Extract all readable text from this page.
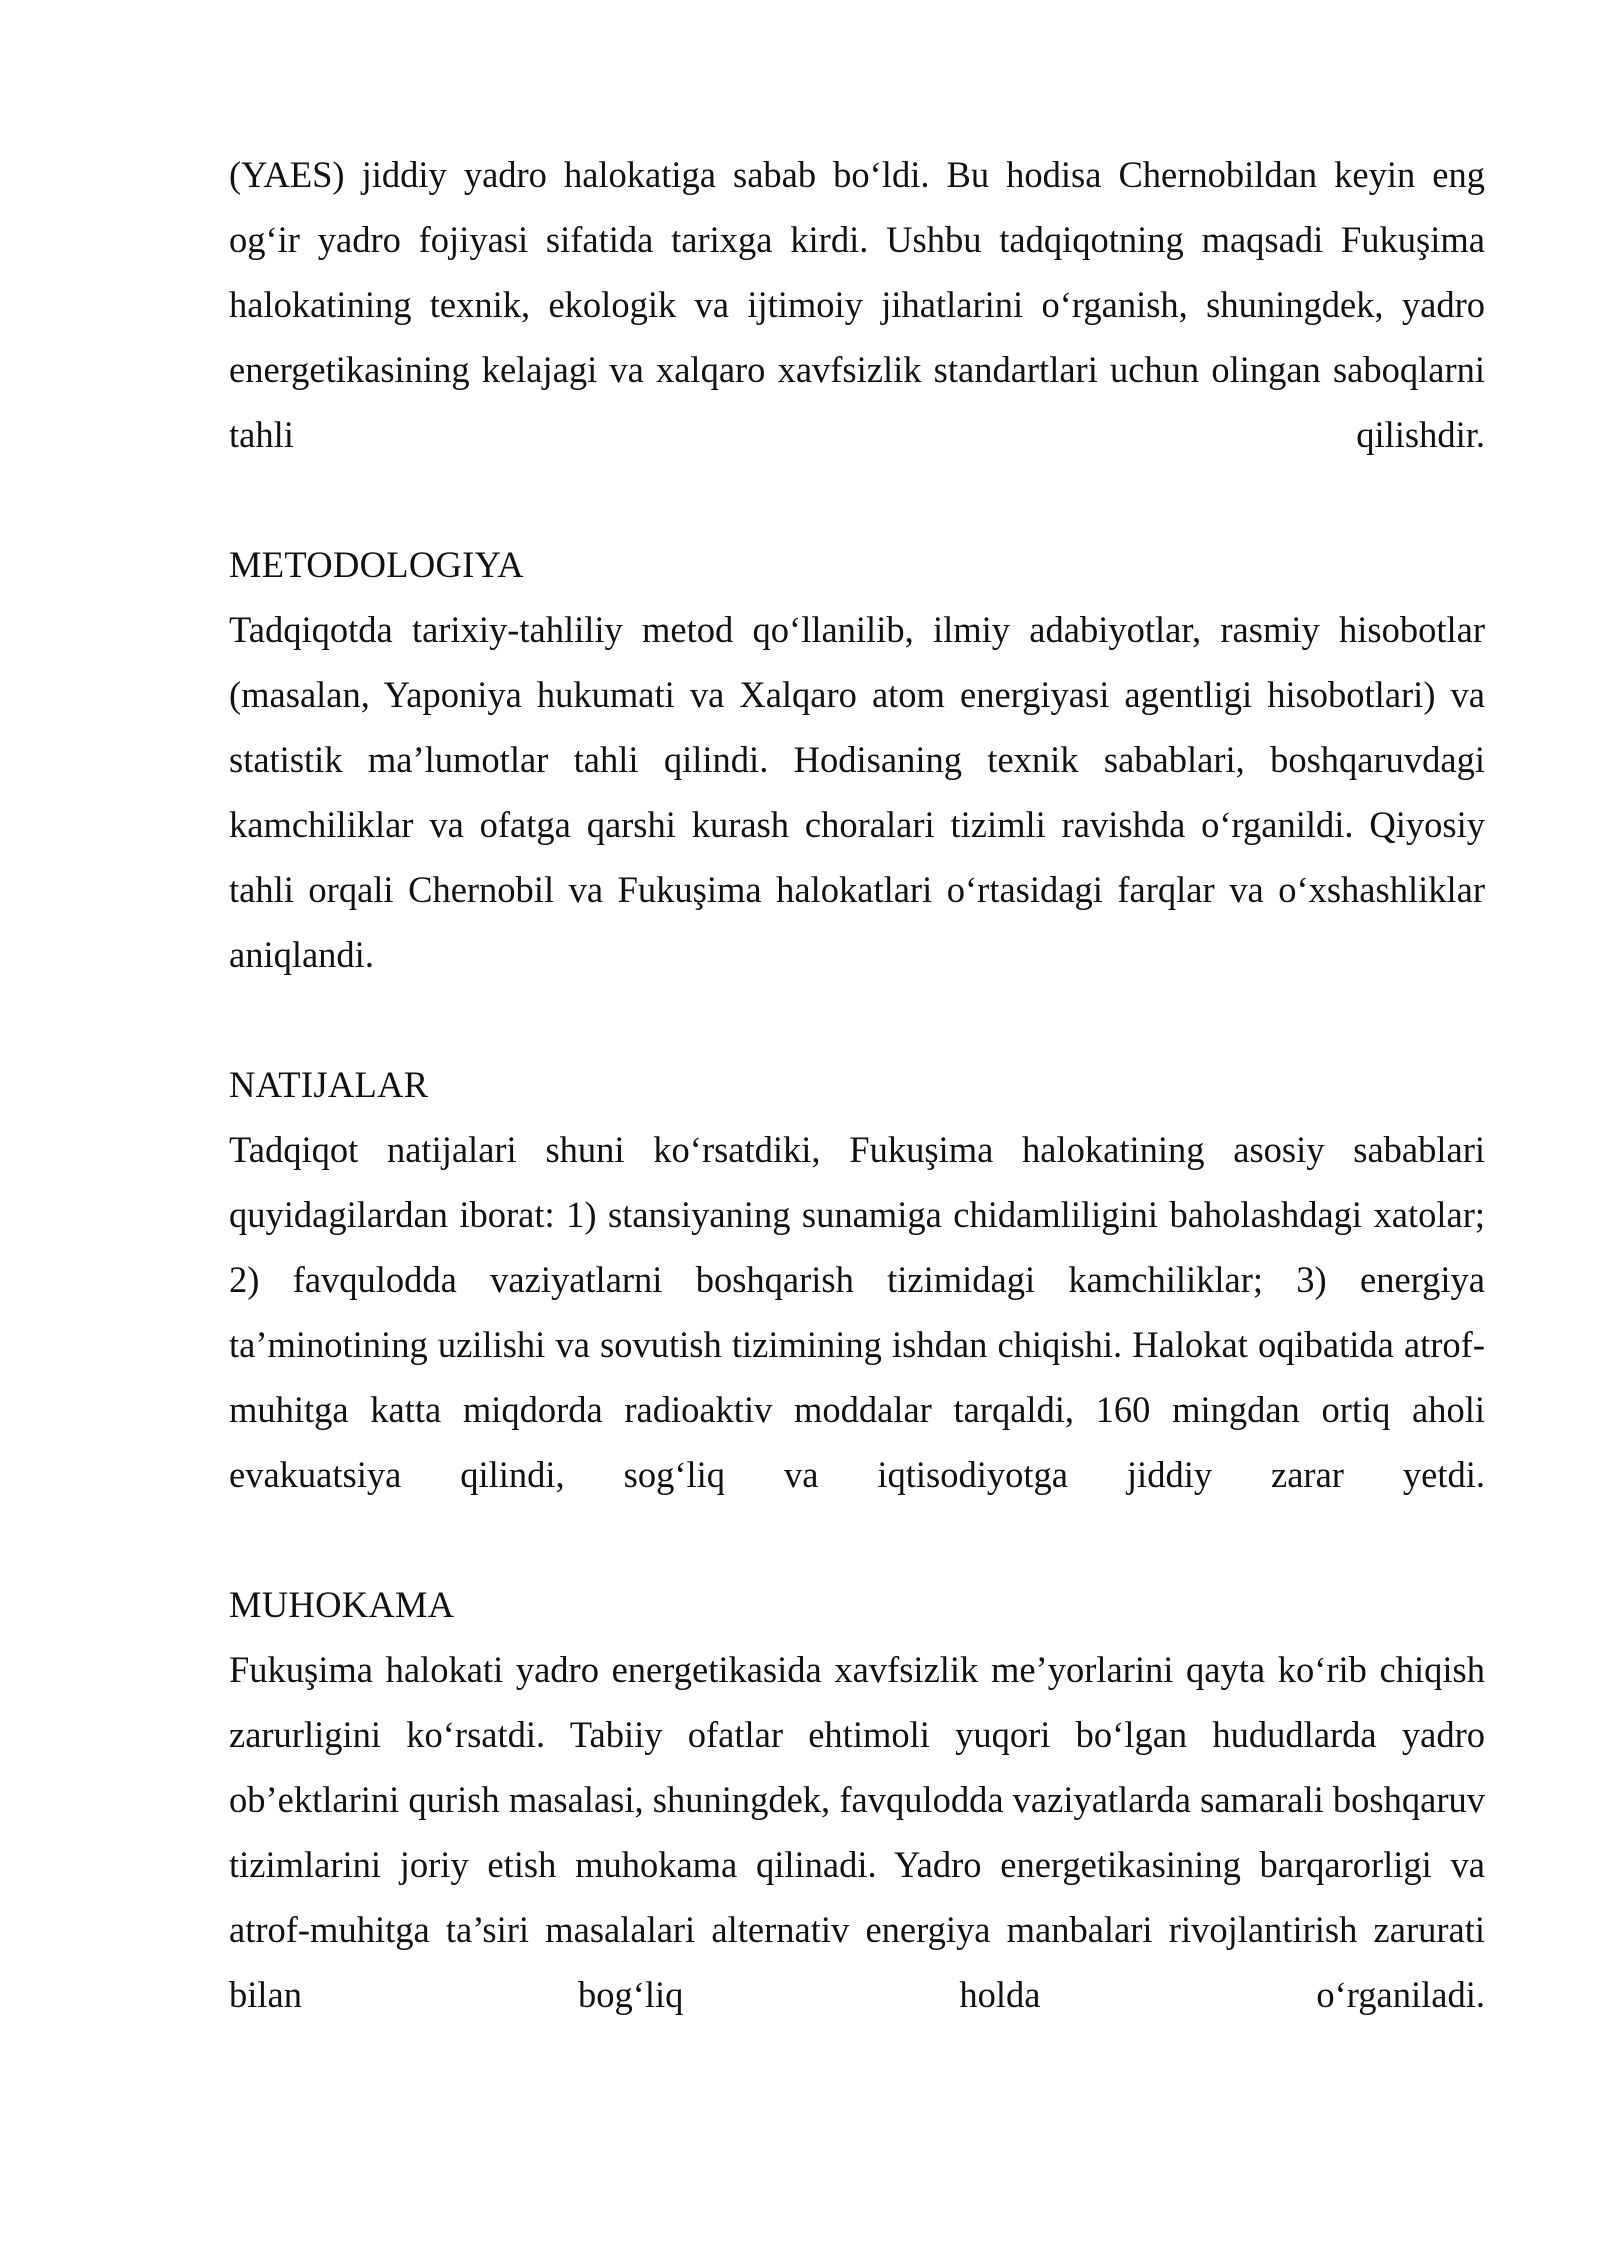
(YAES) jiddiy yadro halokatiga sabab bo‘ldi. Bu hodisa Chernobildan keyin eng og‘ir yadro fojiyasi sifatida tarixga kirdi. Ushbu tadqiqotning maqsadi Fukuşima halokatining texnik, ekologik va ijtimoiy jihatlarini o‘rganish, shuningdek, yadro energetikasining kelajagi va xalqaro xavfsizlik standartlari uchun olingan saboqlarni tahli qilishdir.

METODOLOGIYA

Tadqiqotda tarixiy-tahliliy metod qo‘llanilib, ilmiy adabiyotlar, rasmiy hisobotlar (masalan, Yaponiya hukumati va Xalqaro atom energiyasi agentligi hisobotlari) va statistik ma’lumotlar tahli qilindi. Hodisaning texnik sabablari, boshqaruvdagi kamchiliklar va ofatga qarshi kurash choralari tizimli ravishda o‘rganildi. Qiyosiy tahli orqali Chernobil va Fukuşima halokatlari o‘rtasidagi farqlar va o‘xshashliklar aniqlandi.

NATIJALAR

Tadqiqot natijalari shuni ko‘rsatdiki, Fukuşima halokatining asosiy sabablari quyidagilardan iborat: 1) stansiyaning sunamiga chidamliligini baholashdagi xatolar; 2) favqulodda vaziyatlarni boshqarish tizimidagi kamchiliklar; 3) energiya ta’minotining uzilishi va sovutish tizimining ishdan chiqishi. Halokat oqibatida atrof-muhitga katta miqdorda radioaktiv moddalar tarqaldi, 160 mingdan ortiq aholi evakuatsiya qilindi, sog‘liq va iqtisodiyotga jiddiy zarar yetdi.

MUHOKAMA

Fukuşima halokati yadro energetikasida xavfsizlik me’yorlarini qayta ko‘rib chiqish zarurligini ko‘rsatdi. Tabiiy ofatlar ehtimoli yuqori bo‘lgan hududlarda yadro ob’ektlarini qurish masalasi, shuningdek, favqulodda vaziyatlarda samarali boshqaruv tizimlarini joriy etish muhokama qilinadi. Yadro energetikasining barqarorligi va atrof-muhitga ta’siri masalalari alternativ energiya manbalari rivojlantirish zarurati bilan bog‘liq holda o‘rganiladi.
